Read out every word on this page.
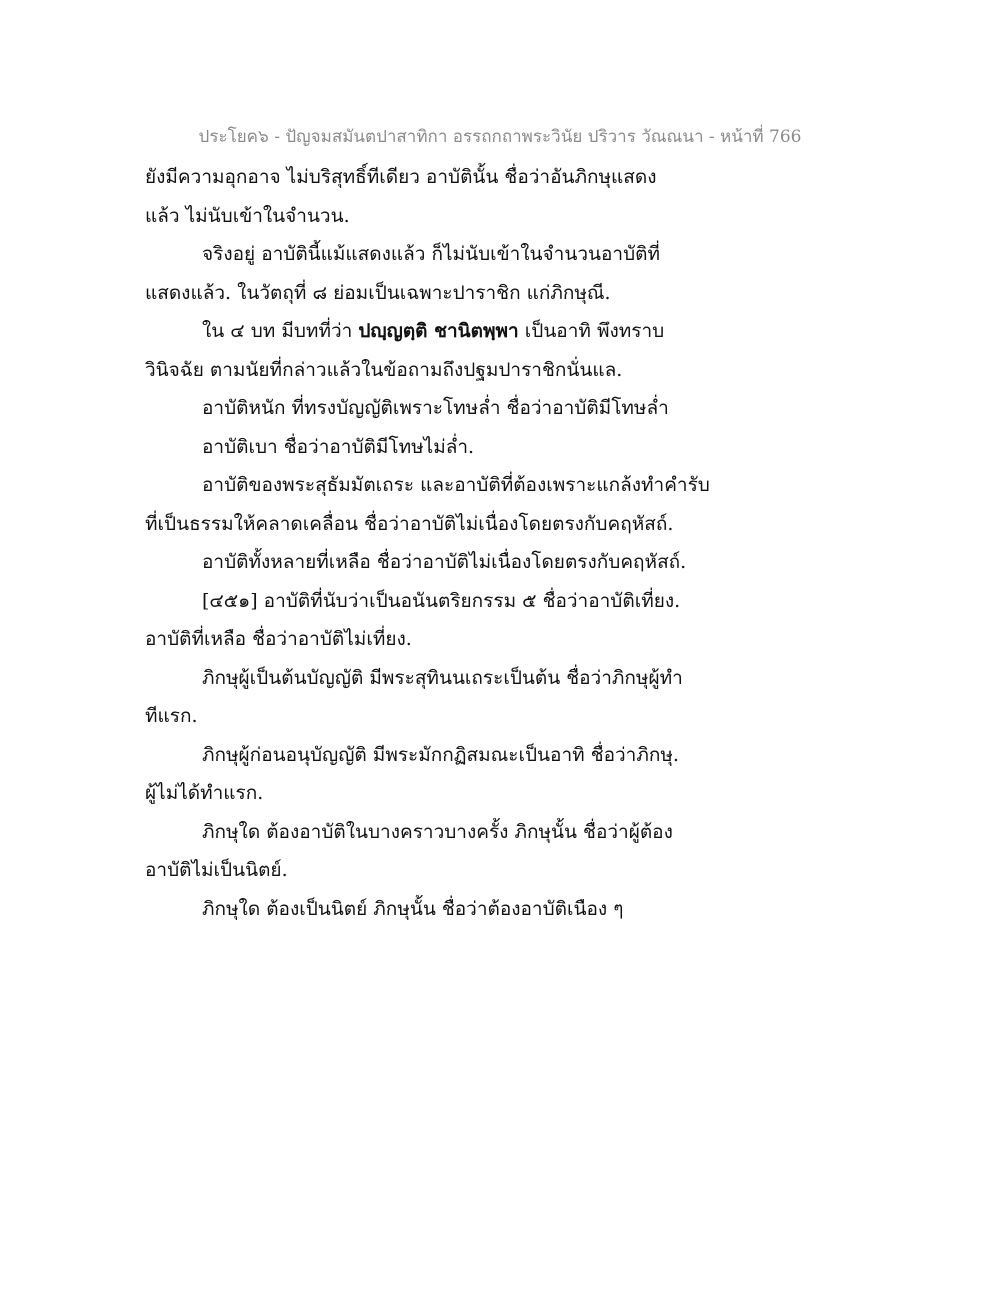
ประโยค๖ - ปัญจมสมันตปาสาทิกา อรรถกถาพระวินัย ปริวาร วัณณนา - หน้าที่ 766
ยังมีความอุกอาจ ไม่บริสุทธิ์ทีเดียว อาบัตินั้น ชื่อว่าอันภิกษุแสดง
แล้ว ไม่นับเข้าในจำนวน.
จริงอยู่ อาบัตินี้แม้แสดงแล้ว ก็ไม่นับเข้าในจำนวนอาบัติที่
แสดงแล้ว. ในวัตถุที่ ๘ ย่อมเป็นเฉพาะปาราชิก แก่ภิกษุณี.
ใน ๔ บท มีบทที่ว่า ปญฺญตฺติ ชานิตพฺพา เป็นอาทิ พึงทราบ
วินิจฉัย ตามนัยที่กล่าวแล้วในข้อถามถึงปฐมปาราชิกนั่นแล.
อาบัติหนัก ที่ทรงบัญญัติเพราะโทษล่ำ ชื่อว่าอาบัติมีโทษล่ำ
อาบัติเบา ชื่อว่าอาบัติมีโทษไม่ล่ำ.
อาบัติของพระสุธัมมัตเถระ และอาบัติที่ต้องเพราะแกล้งทำคำรับ
ที่เป็นธรรมให้คลาดเคลื่อน ชื่อว่าอาบัติไม่เนื่องโดยตรงกับคฤหัสถ์.
อาบัติทั้งหลายที่เหลือ ชื่อว่าอาบัติไม่เนื่องโดยตรงกับคฤหัสถ์.
[๔๕๑] อาบัติที่นับว่าเป็นอนันตริยกรรม ๕ ชื่อว่าอาบัติเที่ยง.
อาบัติที่เหลือ ชื่อว่าอาบัติไม่เที่ยง.
ภิกษุผู้เป็นต้นบัญญัติ มีพระสุทินนเถระเป็นต้น ชื่อว่าภิกษุผู้ทำ
ทีแรก.
ภิกษุผู้ก่อนอนุบัญญัติ มีพระมักกฏิสมณะเป็นอาทิ ชื่อว่าภิกษุ.
ผู้ไม่ได้ทำแรก.
ภิกษุใด ต้องอาบัติในบางคราวบางครั้ง ภิกษุนั้น ชื่อว่าผู้ต้อง
อาบัติไม่เป็นนิตย์.
ภิกษุใด ต้องเป็นนิตย์ ภิกษุนั้น ชื่อว่าต้องอาบัติเนือง ๆ
